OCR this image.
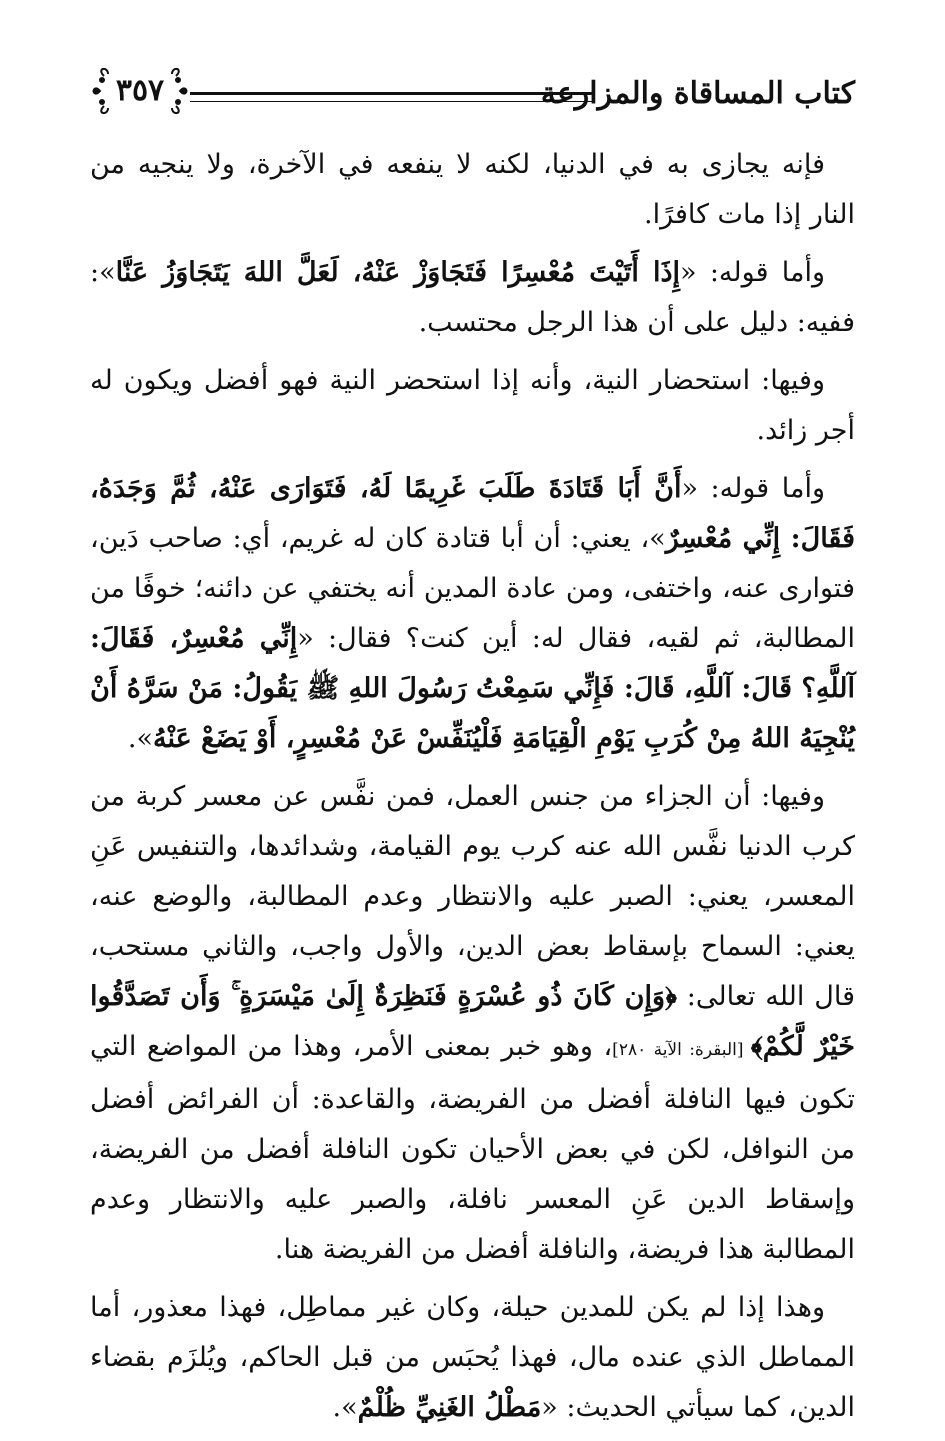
كتاب المساقاة والمزارعة
٣٥٧

فإنه يجازى به في الدنيا، لكنه لا ينفعه في الآخرة، ولا ينجيه من النار إذا مات كافرًا.

وأما قوله: «إِذَا أَتَيْتَ مُعْسِرًا فَتَجَاوَزْ عَنْهُ، لَعَلَّ اللهَ يَتَجَاوَزُ عَنَّا»: ففيه: دليل على أن هذا الرجل محتسب.

وفيها: استحضار النية، وأنه إذا استحضر النية فهو أفضل ويكون له أجر زائد.

وأما قوله: «أَنَّ أَبَا قَتَادَةَ طَلَبَ غَرِيمًا لَهُ، فَتَوَارَى عَنْهُ، ثُمَّ وَجَدَهُ، فَقَالَ: إِنِّي مُعْسِرٌ»، يعني: أن أبا قتادة كان له غريم، أي: صاحب دَين، فتوارى عنه، واختفى، ومن عادة المدين أنه يختفي عن دائنه؛ خوفًا من المطالبة، ثم لقيه، فقال له: أين كنت؟ فقال: «إِنِّي مُعْسِرٌ، فَقَالَ: آللَّهِ؟ قَالَ: آللَّهِ، قَالَ: فَإِنِّي سَمِعْتُ رَسُولَ اللهِ ﷺ يَقُولُ: مَنْ سَرَّهُ أَنْ يُنْجِيَهُ اللهُ مِنْ كُرَبِ يَوْمِ الْقِيَامَةِ فَلْيُنَفِّسْ عَنْ مُعْسِرٍ، أَوْ يَضَعْ عَنْهُ».

وفيها: أن الجزاء من جنس العمل، فمن نفَّس عن معسر كربة من كرب الدنيا نفَّس الله عنه كرب يوم القيامة، وشدائدها، والتنفيس عَنِ المعسر، يعني: الصبر عليه والانتظار وعدم المطالبة، والوضع عنه، يعني: السماح بإسقاط بعض الدين، والأول واجب، والثاني مستحب، قال الله تعالى: ﴿وَإِن كَانَ ذُو عُسْرَةٍ فَنَظِرَةٌ إِلَىٰ مَيْسَرَةٍ ۚ وَأَن تَصَدَّقُوا خَيْرٌ لَّكُمْ﴾ [البقرة: الآية ٢٨٠]، وهو خبر بمعنى الأمر، وهذا من المواضع التي تكون فيها النافلة أفضل من الفريضة، والقاعدة: أن الفرائض أفضل من النوافل، لكن في بعض الأحيان تكون النافلة أفضل من الفريضة، وإسقاط الدين عَنِ المعسر نافلة، والصبر عليه والانتظار وعدم المطالبة هذا فريضة، والنافلة أفضل من الفريضة هنا.

وهذا إذا لم يكن للمدين حيلة، وكان غير مماطِل، فهذا معذور، أما المماطل الذي عنده مال، فهذا يُحبَس من قبل الحاكم، ويُلزَم بقضاء الدين، كما سيأتي الحديث: «مَطْلُ الغَنِيِّ ظُلْمٌ».
